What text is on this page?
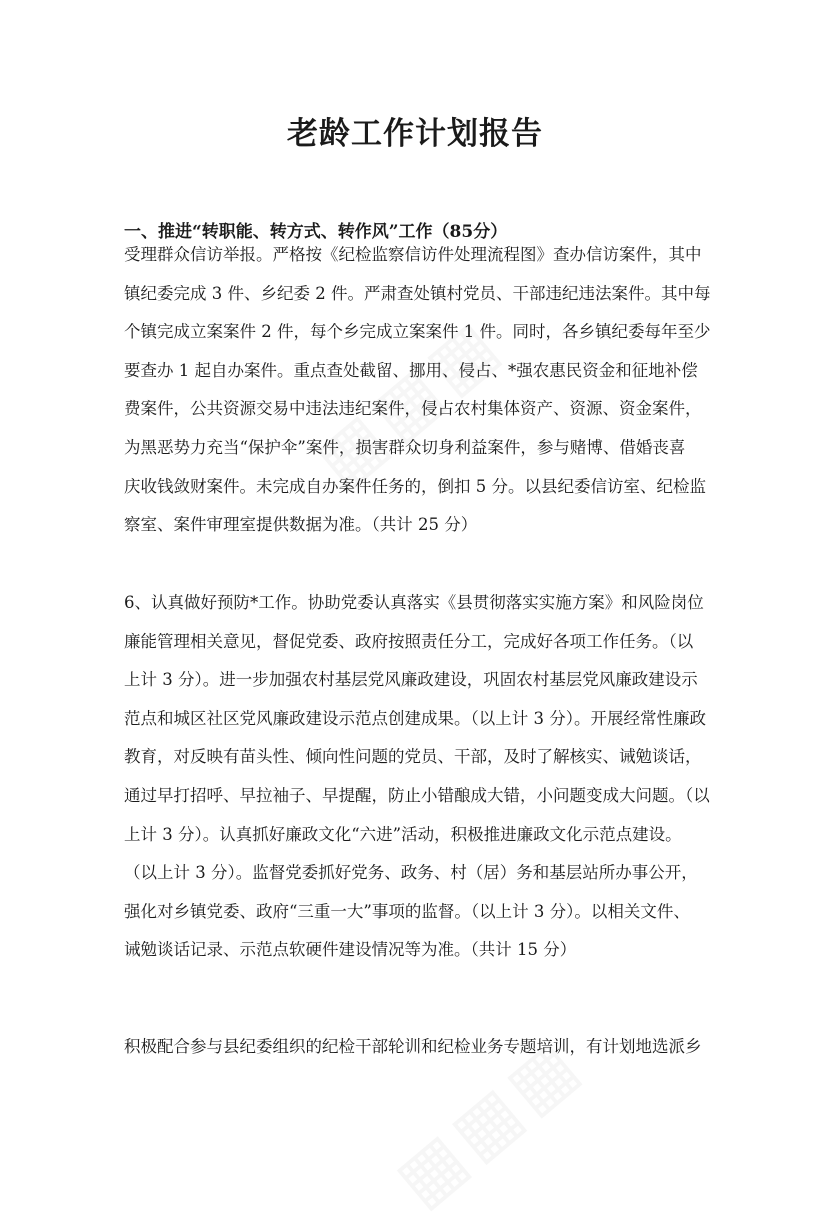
老龄工作计划报告
一、推进“转职能、转方式、转作风”工作（85分）
受理群众信访举报。严格按《纪检监察信访件处理流程图》查办信访案件，其中
镇纪委完成 3 件、乡纪委 2 件。严肃查处镇村党员、干部违纪违法案件。其中每
个镇完成立案案件 2 件，每个乡完成立案案件 1 件。同时，各乡镇纪委每年至少
要查办 1 起自办案件。重点查处截留、挪用、侵占、*强农惠民资金和征地补偿
费案件，公共资源交易中违法违纪案件，侵占农村集体资产、资源、资金案件，
为黑恶势力充当“保护伞”案件，损害群众切身利益案件，参与赌博、借婚丧喜
庆收钱敛财案件。未完成自办案件任务的，倒扣 5 分。以县纪委信访室、纪检监
察室、案件审理室提供数据为准。（共计 25 分）
6、认真做好预防*工作。协助党委认真落实《县贯彻落实实施方案》和风险岗位
廉能管理相关意见，督促党委、政府按照责任分工，完成好各项工作任务。（以
上计 3 分）。进一步加强农村基层党风廉政建设，巩固农村基层党风廉政建设示
范点和城区社区党风廉政建设示范点创建成果。（以上计 3 分）。开展经常性廉政
教育，对反映有苗头性、倾向性问题的党员、干部，及时了解核实、诫勉谈话，
通过早打招呼、早拉袖子、早提醒，防止小错酿成大错，小问题变成大问题。（以
上计 3 分）。认真抓好廉政文化“六进”活动，积极推进廉政文化示范点建设。
（以上计 3 分）。监督党委抓好党务、政务、村（居）务和基层站所办事公开，
强化对乡镇党委、政府“三重一大”事项的监督。（以上计 3 分）。以相关文件、
诫勉谈话记录、示范点软硬件建设情况等为准。（共计 15 分）
积极配合参与县纪委组织的纪检干部轮训和纪检业务专题培训，有计划地选派乡
